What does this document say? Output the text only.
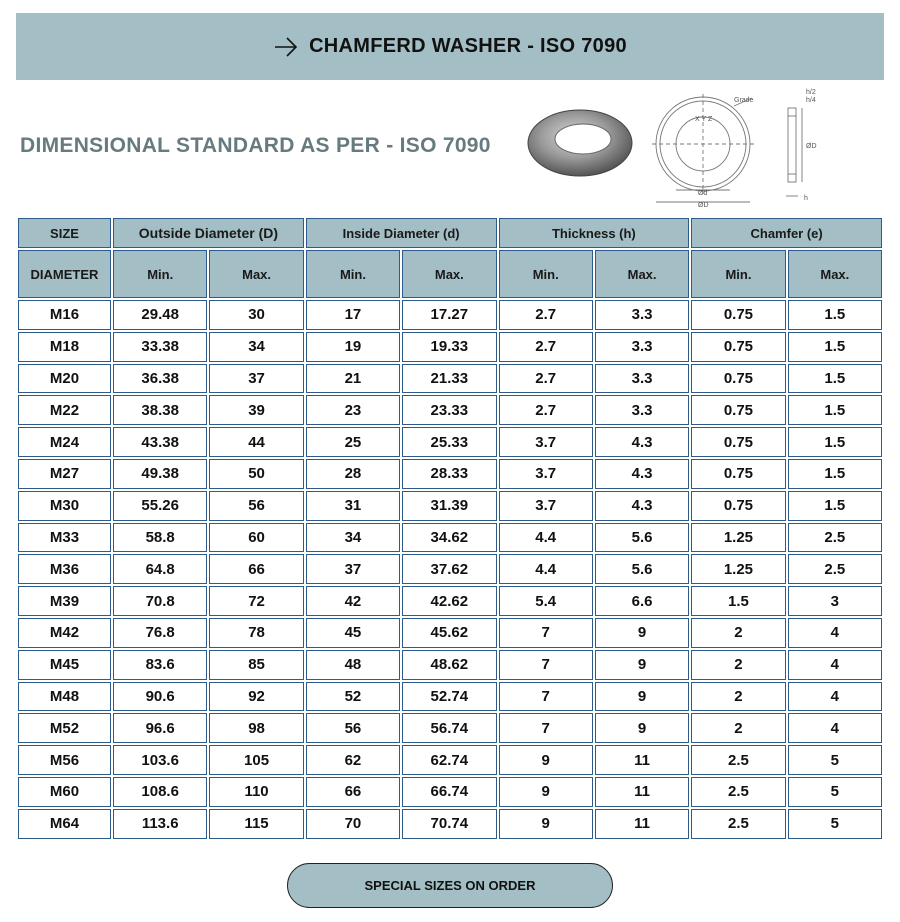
CHAMFERD WASHER - ISO 7090
DIMENSIONAL STANDARD AS PER - ISO 7090
Grade
X Y Z
Ød
ØD
h/2
h/4
ØD
h
SIZE	Outside Diameter (D)		Inside Diameter (d)		Thickness (h)		Chamfer (e)	
DIAMETER	Min.	Max.	Min.	Max.	Min.	Max.	Min.	Max.
M16	29.48	30	17	17.27	2.7	3.3	0.75	1.5
M18	33.38	34	19	19.33	2.7	3.3	0.75	1.5
M20	36.38	37	21	21.33	2.7	3.3	0.75	1.5
M22	38.38	39	23	23.33	2.7	3.3	0.75	1.5
M24	43.38	44	25	25.33	3.7	4.3	0.75	1.5
M27	49.38	50	28	28.33	3.7	4.3	0.75	1.5
M30	55.26	56	31	31.39	3.7	4.3	0.75	1.5
M33	58.8	60	34	34.62	4.4	5.6	1.25	2.5
M36	64.8	66	37	37.62	4.4	5.6	1.25	2.5
M39	70.8	72	42	42.62	5.4	6.6	1.5	3
M42	76.8	78	45	45.62	7	9	2	4
M45	83.6	85	48	48.62	7	9	2	4
M48	90.6	92	52	52.74	7	9	2	4
M52	96.6	98	56	56.74	7	9	2	4
M56	103.6	105	62	62.74	9	11	2.5	5
M60	108.6	110	66	66.74	9	11	2.5	5
M64	113.6	115	70	70.74	9	11	2.5	5
SPECIAL SIZES ON ORDER
